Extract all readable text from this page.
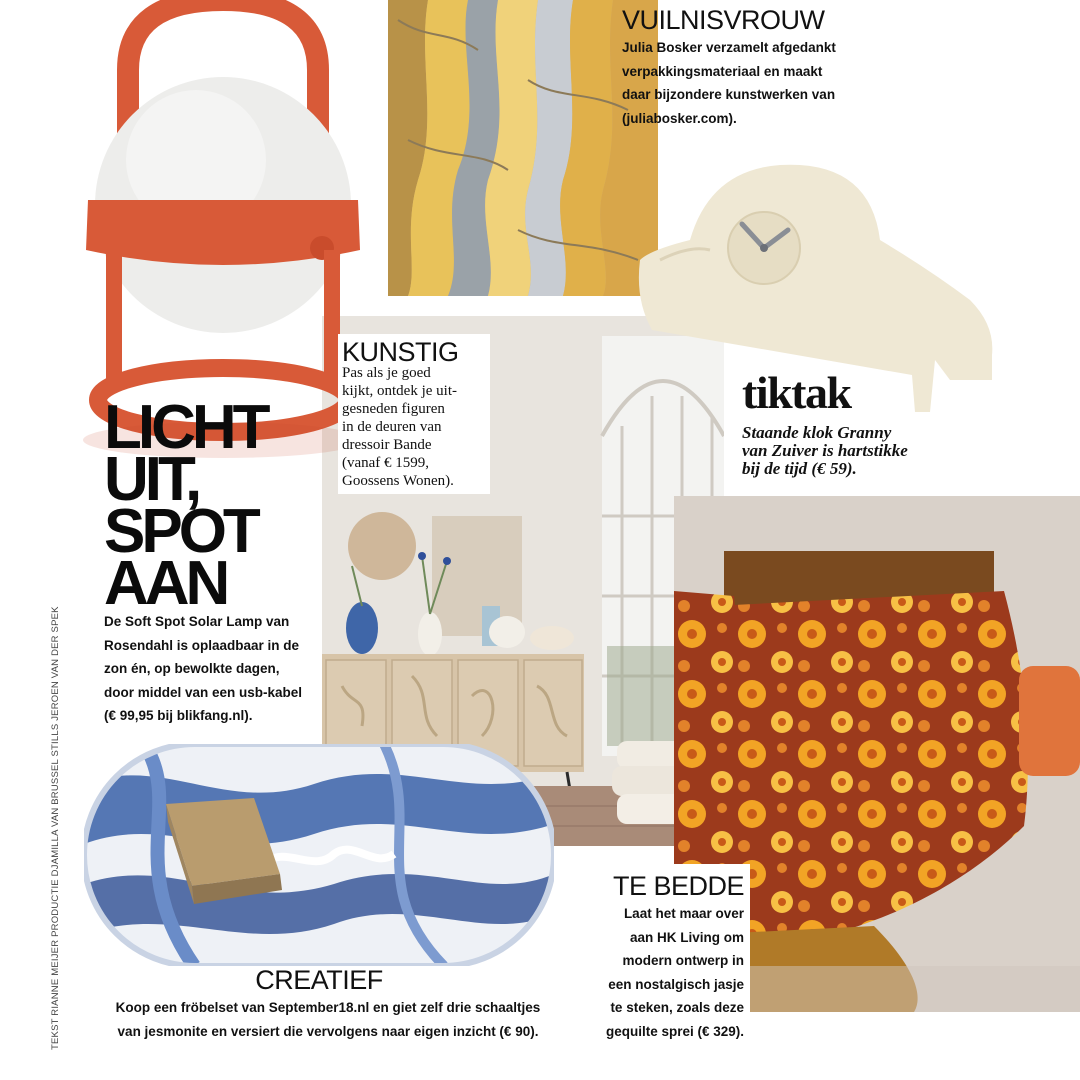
TEKST RIANNE MEIJER PRODUCTIE DJAMILLA VAN BRUSSEL STILLS JEROEN VAN DER SPEK
LICHT
UIT,
SPOT
AAN
De Soft Spot Solar Lamp van
Rosendahl is oplaadbaar in de
zon én, op bewolkte dagen,
door middel van een usb-kabel
(€ 99,95 bij blikfang.nl).
VUILNISVROUW
Julia Bosker verzamelt afgedankt
verpakkingsmateriaal en maakt
daar bijzondere kunstwerken van
(juliabosker.com).
tiktak
Staande klok Granny
van Zuiver is hartstikke
bij de tijd (€ 59).
KUNSTIG
Pas als je goed
kijkt, ontdek je uit-
gesneden figuren
in de deuren van
dressoir Bande
(vanaf € 1599,
Goossens Wonen).
TE BEDDE
Laat het maar over
aan HK Living om
modern ontwerp in
een nostalgisch jasje
te steken, zoals deze
gequilte sprei (€ 329).
CREATIEF
Koop een fröbelset van September18.nl en giet zelf drie schaaltjes
van jesmonite en versiert die vervolgens naar eigen inzicht (€ 90).
